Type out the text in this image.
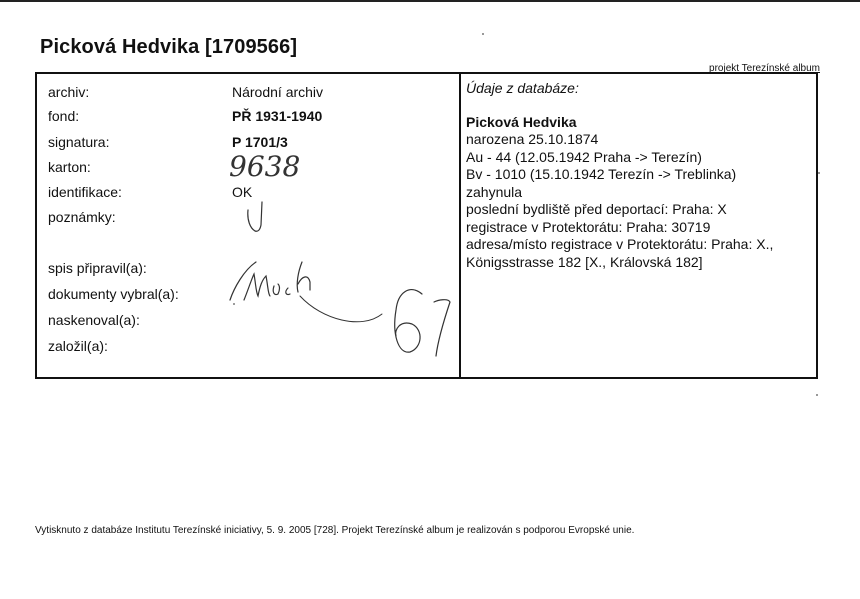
Picková Hedvika [1709566]
projekt Terezínské album
archiv:
fond:
signatura:
karton:
identifikace:
poznámky:
Národní archiv
PŘ 1931-1940
P 1701/3
9638
OK
spis připravil(a):
dokumenty vybral(a):
naskenoval(a):
založil(a):
Údaje z databáze:
Picková Hedvika
narozena 25.10.1874
Au - 44 (12.05.1942 Praha -> Terezín)
Bv - 1010 (15.10.1942 Terezín -> Treblinka)
zahynula
poslední bydliště před deportací: Praha: X
registrace v Protektorátu: Praha: 30719
adresa/místo registrace v Protektorátu: Praha: X.,
Königsstrasse 182 [X., Královská 182]
Vytisknuto z databáze Institutu Terezínské iniciativy, 5. 9. 2005 [728]. Projekt Terezínské album je realizován s podporou Evropské unie.
